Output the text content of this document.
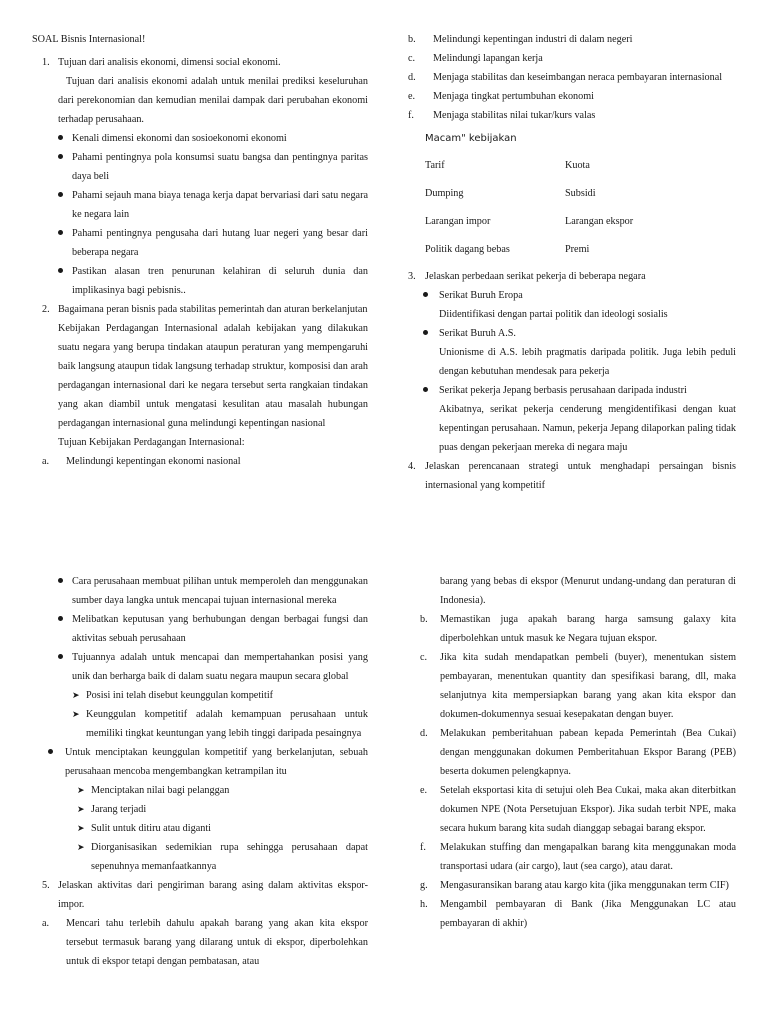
SOAL Bisnis Internasional!

1. Tujuan dari analisis ekonomi, dimensi social ekonomi.

Tujuan dari analisis ekonomi adalah untuk menilai prediksi keseluruhan dari perekonomian dan kemudian menilai dampak dari perubahan ekonomi terhadap perusahaan.

Kenali dimensi ekonomi dan sosioekonomi ekonomi

Pahami pentingnya pola konsumsi suatu bangsa dan pentingnya paritas daya beli

Pahami sejauh mana biaya tenaga kerja dapat bervariasi dari satu negara ke negara lain

Pahami pentingnya pengusaha dari hutang luar negeri yang besar dari beberapa negara

Pastikan alasan tren penurunan kelahiran di seluruh dunia dan implikasinya bagi pebisnis..

2. Bagaimana peran bisnis pada stabilitas pemerintah dan aturan berkelanjutan

Kebijakan Perdagangan Internasional adalah kebijakan yang dilakukan suatu negara yang berupa tindakan ataupun peraturan yang mempengaruhi baik langsung ataupun tidak langsung terhadap struktur, komposisi dan arah perdagangan internasional dari ke negara tersebut serta rangkaian tindakan yang akan diambil untuk mengatasi kesulitan atau masalah hubungan perdagangan internasional guna melindungi kepentingan nasional

Tujuan Kebijakan Perdagangan Internasional:

a. Melindungi kepentingan ekonomi nasional

b. Melindungi kepentingan industri di dalam negeri

c. Melindungi lapangan kerja

d. Menjaga stabilitas dan keseimbangan neraca pembayaran internasional

e. Menjaga tingkat pertumbuhan ekonomi

f. Menjaga stabilitas nilai tukar/kurs valas

Macam" kebijakan

Tarif	Kuota
Dumping	Subsidi
Larangan impor	Larangan ekspor
Politik dagang bebas	Premi
3. Jelaskan perbedaan serikat pekerja di beberapa negara

Serikat Buruh Eropa

Diidentifikasi dengan partai politik dan ideologi sosialis

Serikat Buruh A.S.

Unionisme di A.S. lebih pragmatis daripada politik. Juga lebih peduli dengan kebutuhan mendesak para pekerja

Serikat pekerja Jepang berbasis perusahaan daripada industri

Akibatnya, serikat pekerja cenderung mengidentifikasi dengan kuat kepentingan perusahaan. Namun, pekerja Jepang dilaporkan paling tidak puas dengan pekerjaan mereka di negara maju

4. Jelaskan perencanaan strategi untuk menghadapi persaingan bisnis internasional yang kompetitif

Cara perusahaan membuat pilihan untuk memperoleh dan menggunakan sumber daya langka untuk mencapai tujuan internasional mereka

Melibatkan keputusan yang berhubungan dengan berbagai fungsi dan aktivitas sebuah perusahaan

Tujuannya adalah untuk mencapai dan mempertahankan posisi yang unik dan berharga baik di dalam suatu negara maupun secara global

➤ Posisi ini telah disebut keunggulan kompetitif

➤ Keunggulan kompetitif adalah kemampuan perusahaan untuk memiliki tingkat keuntungan yang lebih tinggi daripada pesaingnya

Untuk menciptakan keunggulan kompetitif yang berkelanjutan, sebuah perusahaan mencoba mengembangkan ketrampilan itu

➤ Menciptakan nilai bagi pelanggan

➤ Jarang terjadi

➤ Sulit untuk ditiru atau diganti

➤ Diorganisasikan sedemikian rupa sehingga perusahaan dapat sepenuhnya memanfaatkannya

5. Jelaskan aktivitas dari pengiriman barang asing dalam aktivitas ekspor-impor.

a. Mencari tahu terlebih dahulu apakah barang yang akan kita ekspor tersebut termasuk barang yang dilarang untuk di ekspor, diperbolehkan untuk di ekspor tetapi dengan pembatasan, atau

barang yang bebas di ekspor (Menurut undang-undang dan peraturan di Indonesia).

b. Memastikan juga apakah barang harga samsung galaxy kita diperbolehkan untuk masuk ke Negara tujuan ekspor.

c. Jika kita sudah mendapatkan pembeli (buyer), menentukan sistem pembayaran, menentukan quantity dan spesifikasi barang, dll, maka selanjutnya kita mempersiapkan barang yang akan kita ekspor dan dokumen-dokumennya sesuai kesepakatan dengan buyer.

d. Melakukan pemberitahuan pabean kepada Pemerintah (Bea Cukai) dengan menggunakan dokumen Pemberitahuan Ekspor Barang (PEB) beserta dokumen pelengkapnya.

e. Setelah eksportasi kita di setujui oleh Bea Cukai, maka akan diterbitkan dokumen NPE (Nota Persetujuan Ekspor). Jika sudah terbit NPE, maka secara hukum barang kita sudah dianggap sebagai barang ekspor.

f. Melakukan stuffing dan mengapalkan barang kita menggunakan moda transportasi udara (air cargo), laut (sea cargo), atau darat.

g. Mengasuransikan barang atau kargo kita (jika menggunakan term CIF)

h. Mengambil pembayaran di Bank (Jika Menggunakan LC atau pembayaran di akhir)
